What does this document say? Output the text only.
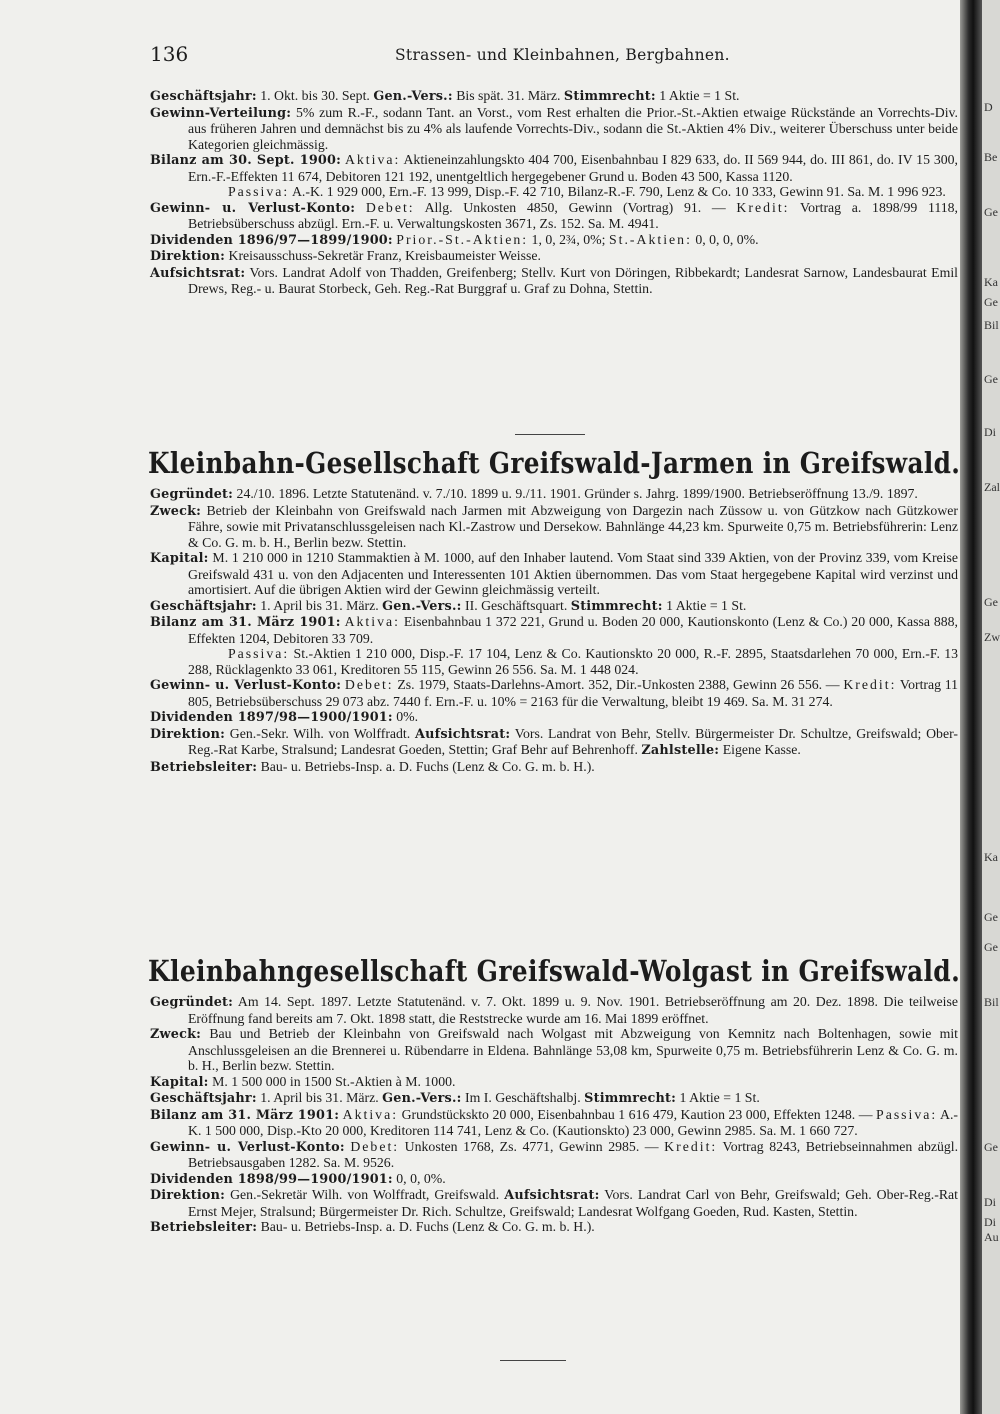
136	Strassen- und Kleinbahnen, Bergbahnen.

Geschäftsjahr: 1. Okt. bis 30. Sept. Gen.-Vers.: Bis spät. 31. März. Stimmrecht: 1 Aktie = 1 St.

Gewinn-Verteilung: 5% zum R.-F., sodann Tant. an Vorst., vom Rest erhalten die Prior.-St.-Aktien etwaige Rückstände an Vorrechts-Div. aus früheren Jahren und demnächst bis zu 4% als laufende Vorrechts-Div., sodann die St.-Aktien 4% Div., weiterer Überschuss unter beide Kategorien gleichmässig.

Bilanz am 30. Sept. 1900: Aktiva: Aktieneinzahlungskto 404 700, Eisenbahnbau I 829 633, do. II 569 944, do. III 861, do. IV 15 300, Ern.-F.-Effekten 11 674, Debitoren 121 192, unentgeltlich hergegebener Grund u. Boden 43 500, Kassa 1120.
Passiva: A.-K. 1 929 000, Ern.-F. 13 999, Disp.-F. 42 710, Bilanz-R.-F. 790, Lenz & Co. 10 333, Gewinn 91. Sa. M. 1 996 923.

Gewinn- u. Verlust-Konto: Debet: Allg. Unkosten 4850, Gewinn (Vortrag) 91. — Kredit: Vortrag a. 1898/99 1118, Betriebsüberschuss abzügl. Ern.-F. u. Verwaltungskosten 3671, Zs. 152. Sa. M. 4941.

Dividenden 1896/97—1899/1900: Prior.-St.-Aktien: 1, 0, 2¾, 0%; St.-Aktien: 0, 0, 0, 0%.

Direktion: Kreisausschuss-Sekretär Franz, Kreisbaumeister Weisse.

Aufsichtsrat: Vors. Landrat Adolf von Thadden, Greifenberg; Stellv. Kurt von Döringen, Ribbekardt; Landesrat Sarnow, Landesbaurat Emil Drews, Reg.- u. Baurat Storbeck, Geh. Reg.-Rat Burggraf u. Graf zu Dohna, Stettin.

Kleinbahn-Gesellschaft Greifswald-Jarmen in Greifswald.

Gegründet: 24./10. 1896. Letzte Statutenänd. v. 7./10. 1899 u. 9./11. 1901. Gründer s. Jahrg. 1899/1900. Betriebseröffnung 13./9. 1897.

Zweck: Betrieb der Kleinbahn von Greifswald nach Jarmen mit Abzweigung von Dargezin nach Züssow u. von Gützkow nach Gützkower Fähre, sowie mit Privatanschlussgeleisen nach Kl.-Zastrow und Dersekow. Bahnlänge 44,23 km. Spurweite 0,75 m. Betriebsführerin: Lenz & Co. G. m. b. H., Berlin bezw. Stettin.

Kapital: M. 1 210 000 in 1210 Stammaktien à M. 1000, auf den Inhaber lautend. Vom Staat sind 339 Aktien, von der Provinz 339, vom Kreise Greifswald 431 u. von den Adjacenten und Interessenten 101 Aktien übernommen. Das vom Staat hergegebene Kapital wird verzinst und amortisiert. Auf die übrigen Aktien wird der Gewinn gleichmässig verteilt.

Geschäftsjahr: 1. April bis 31. März. Gen.-Vers.: II. Geschäftsquart. Stimmrecht: 1 Aktie = 1 St.

Bilanz am 31. März 1901: Aktiva: Eisenbahnbau 1 372 221, Grund u. Boden 20 000, Kautionskonto (Lenz & Co.) 20 000, Kassa 888, Effekten 1204, Debitoren 33 709.
Passiva: St.-Aktien 1 210 000, Disp.-F. 17 104, Lenz & Co. Kautionskto 20 000, R.-F. 2895, Staatsdarlehen 70 000, Ern.-F. 13 288, Rücklagenkto 33 061, Kreditoren 55 115, Gewinn 26 556. Sa. M. 1 448 024.

Gewinn- u. Verlust-Konto: Debet: Zs. 1979, Staats-Darlehns-Amort. 352, Dir.-Unkosten 2388, Gewinn 26 556. — Kredit: Vortrag 11 805, Betriebsüberschuss 29 073 abz. 7440 f. Ern.-F. u. 10% = 2163 für die Verwaltung, bleibt 19 469. Sa. M. 31 274.

Dividenden 1897/98—1900/1901: 0%.

Direktion: Gen.-Sekr. Wilh. von Wolffradt. Aufsichtsrat: Vors. Landrat von Behr, Stellv. Bürgermeister Dr. Schultze, Greifswald; Ober-Reg.-Rat Karbe, Stralsund; Landesrat Goeden, Stettin; Graf Behr auf Behrenhoff. Zahlstelle: Eigene Kasse.

Betriebsleiter: Bau- u. Betriebs-Insp. a. D. Fuchs (Lenz & Co. G. m. b. H.).

Kleinbahngesellschaft Greifswald-Wolgast in Greifswald.

Gegründet: Am 14. Sept. 1897. Letzte Statutenänd. v. 7. Okt. 1899 u. 9. Nov. 1901. Betriebseröffnung am 20. Dez. 1898. Die teilweise Eröffnung fand bereits am 7. Okt. 1898 statt, die Reststrecke wurde am 16. Mai 1899 eröffnet.

Zweck: Bau und Betrieb der Kleinbahn von Greifswald nach Wolgast mit Abzweigung von Kemnitz nach Boltenhagen, sowie mit Anschlussgeleisen an die Brennerei u. Rübendarre in Eldena. Bahnlänge 53,08 km, Spurweite 0,75 m. Betriebsführerin Lenz & Co. G. m. b. H., Berlin bezw. Stettin.

Kapital: M. 1 500 000 in 1500 St.-Aktien à M. 1000.

Geschäftsjahr: 1. April bis 31. März. Gen.-Vers.: Im I. Geschäftshalbj. Stimmrecht: 1 Aktie = 1 St.

Bilanz am 31. März 1901: Aktiva: Grundstückskto 20 000, Eisenbahnbau 1 616 479, Kaution 23 000, Effekten 1248. — Passiva: A.-K. 1 500 000, Disp.-Kto 20 000, Kreditoren 114 741, Lenz & Co. (Kautionskto) 23 000, Gewinn 2985. Sa. M. 1 660 727.

Gewinn- u. Verlust-Konto: Debet: Unkosten 1768, Zs. 4771, Gewinn 2985. — Kredit: Vortrag 8243, Betriebseinnahmen abzügl. Betriebsausgaben 1282. Sa. M. 9526.

Dividenden 1898/99—1900/1901: 0, 0, 0%.

Direktion: Gen.-Sekretär Wilh. von Wolffradt, Greifswald. Aufsichtsrat: Vors. Landrat Carl von Behr, Greifswald; Geh. Ober-Reg.-Rat Ernst Mejer, Stralsund; Bürgermeister Dr. Rich. Schultze, Greifswald; Landesrat Wolfgang Goeden, Rud. Kasten, Stettin.

Betriebsleiter: Bau- u. Betriebs-Insp. a. D. Fuchs (Lenz & Co. G. m. b. H.).

D
Be
Ge
Ka
Ge
Bil
Ge
Di
Zal
Ge
Zw
Ka
Ge
Ge
Bil
Ge
Di
Di
Au
